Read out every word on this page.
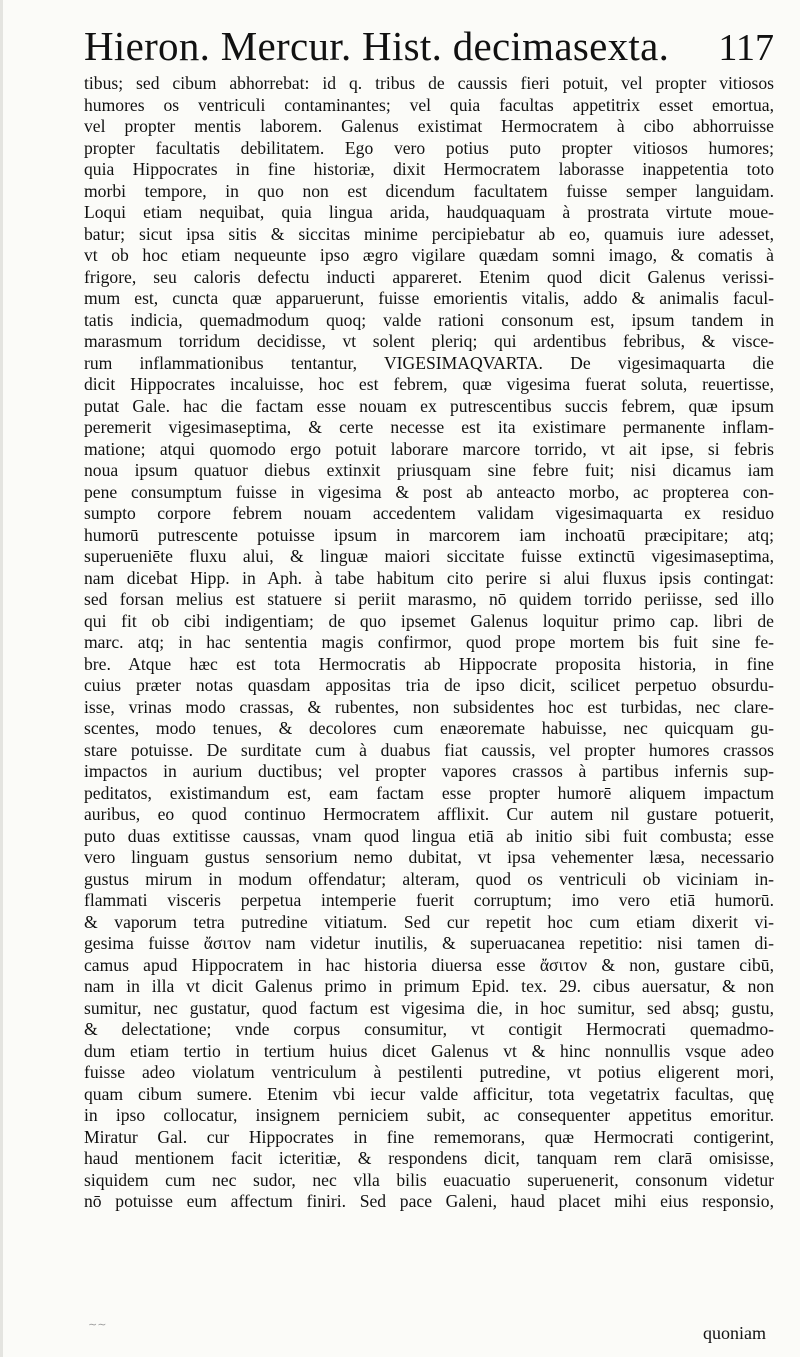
Hieron. Mercur. Hist. decimasexta. 117
tibus; sed cibum abhorrebat: id q. tribus de caussis fieri potuit, vel propter vitiosos
humores os ventriculi contaminantes; vel quia facultas appetitrix esset emortua,
vel propter mentis laborem. Galenus existimat Hermocratem à cibo abhorruisse
propter facultatis debilitatem. Ego vero potius puto propter vitiosos humores;
quia Hippocrates in fine historiæ, dixit Hermocratem laborasse inappetentia toto
morbi tempore, in quo non est dicendum facultatem fuisse semper languidam.
Loqui etiam nequibat, quia lingua arida, haudquaquam à prostrata virtute moue-
batur; sicut ipsa sitis & siccitas minime percipiebatur ab eo, quamuis iure adesset,
vt ob hoc etiam nequeunte ipso ægro vigilare quædam somni imago, & comatis à
frigore, seu caloris defectu inducti appareret. Etenim quod dicit Galenus verissi-
mum est, cuncta quæ apparuerunt, fuisse emorientis vitalis, addo & animalis facul-
tatis indicia, quemadmodum quoq; valde rationi consonum est, ipsum tandem in
marasmum torridum decidisse, vt solent pleriq; qui ardentibus febribus, & viscе-
rum inflammationibus tentantur, VIGESIMAQVARTA. De vigesimaquarta die
dicit Hippocrates incaluisse, hoc est febrem, quæ vigesima fuerat soluta, reuertisse,
putat Gale. hac die factam esse nouam ex putrescentibus succis febrem, quæ ipsum
peremerit vigesimaseptima, & certe necesse est ita existimare permanente inflam-
matione; atqui quomodo ergo potuit laborare marcore torrido, vt ait ipse, si febris
noua ipsum quatuor diebus extinxit priusquam sine febre fuit; nisi dicamus iam
pene consumptum fuisse in vigesima & post ab anteacto morbo, ac propterea con-
sumpto corpore febrem nouam accedentem validam vigesimaquarta ex residuo
humorū putrescente potuisse ipsum in marcorem iam inchoatū præcipitare; atq;
superueniēte fluxu alui, & linguæ maiori siccitate fuisse extinctū vigesimaseptima,
nam dicebat Hipp. in Aph. à tabe habitum cito perire si alui fluxus ipsis contingat:
sed forsan melius est statuere si periit marasmo, nō quidem torrido periisse, sed illo
qui fit ob cibi indigentiam; de quo ipsemet Galenus loquitur primo cap. libri de
marc. atq; in hac sententia magis confirmor, quod prope mortem bis fuit sine fe-
bre. Atque hæc est tota Hermocratis ab Hippocrate proposita historia, in fine
cuius præter notas quasdam appositas tria de ipso dicit, scilicet perpetuo obsurdu-
isse, vrinas modo crassas, & rubentes, non subsidentes hoc est turbidas, nec clare-
scentes, modo tenues, & decolores cum enæoremate habuisse, nec quicquam gu-
stare potuisse. De surditate cum à duabus fiat caussis, vel propter humores crassos
impactos in aurium ductibus; vel propter vapores crassos à partibus infernis sup-
peditatos, existimandum est, eam factam esse propter humorē aliquem impactum
auribus, eo quod continuo Hermocratem afflixit. Cur autem nil gustare potuerit,
puto duas extitisse caussas, vnam quod lingua etiā ab initio sibi fuit combusta; esse
vero linguam gustus sensorium nemo dubitat, vt ipsa vehementer læsa, necessario
gustus mirum in modum offendatur; alteram, quod os ventriculi ob viciniam in-
flammati visceris perpetua intemperie fuerit corruptum; imo vero etiā humorū.
& vaporum tetra putredine vitiatum. Sed cur repetit hoc cum etiam dixerit vi-
gesima fuisse ἄσιτον nam videtur inutilis, & superuacanea repetitio: nisi tamen di-
camus apud Hippocratem in hac historia diuersa esse ἄσιτον & non, gustare cibū,
nam in illa vt dicit Galenus primo in primum Epid. tex. 29. cibus auersatur, & non
sumitur, nec gustatur, quod factum est vigesima die, in hoc sumitur, sed absq; gustu,
& delectatione; vnde corpus consumitur, vt contigit Hermocrati quemadmo-
dum etiam tertio in tertium huius dicet Galenus vt & hinc nonnullis vsque adeo
fuisse adeo violatum ventriculum à pestilenti putredine, vt potius eligerent mori,
quam cibum sumere. Etenim vbi iecur valde afficitur, tota vegetatrix facultas, quę
in ipso collocatur, insignem perniciem subit, ac consequenter appetitus emoritur.
Miratur Gal. cur Hippocrates in fine rememorans, quæ Hermocrati contigerint,
haud mentionem facit icteritiæ, & respondens dicit, tanquam rem clarā omisisse,
siquidem cum nec sudor, nec vlla bilis euacuatio superuenerit, consonum videtur
nō potuisse eum affectum finiri. Sed pace Galeni, haud placet mihi eius responsio,
∼∼	quoniam
